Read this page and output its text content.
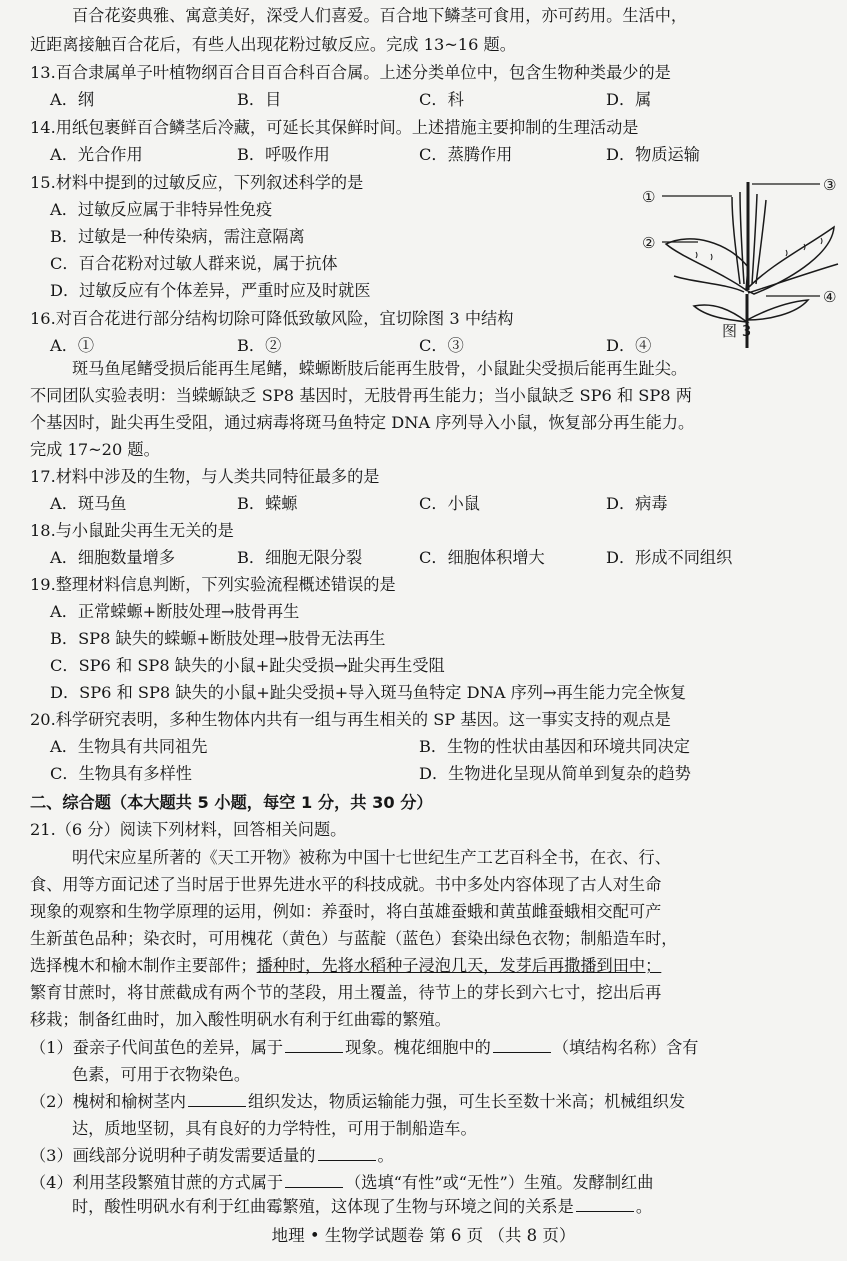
百合花姿典雅、寓意美好，深受人们喜爱。百合地下鳞茎可食用，亦可药用。生活中，
近距离接触百合花后，有些人出现花粉过敏反应。完成 13~16 题。
13.百合隶属单子叶植物纲百合目百合科百合属。上述分类单位中，包含生物种类最少的是
A．纲	B．目	C．科	D．属
14.用纸包裹鲜百合鳞茎后冷藏，可延长其保鲜时间。上述措施主要抑制的生理活动是
A．光合作用	B．呼吸作用	C．蒸腾作用	D．物质运输
15.材料中提到的过敏反应，下列叙述科学的是
A．过敏反应属于非特异性免疫
B．过敏是一种传染病，需注意隔离
C．百合花粉对过敏人群来说，属于抗体
D．过敏反应有个体差异，严重时应及时就医
16.对百合花进行部分结构切除可降低致敏风险，宜切除图 3 中结构
A．①	B．②	C．③	D．④
①
②
③
④
图 3
斑马鱼尾鳍受损后能再生尾鳍，蝾螈断肢后能再生肢骨，小鼠趾尖受损后能再生趾尖。
不同团队实验表明：当蝾螈缺乏 SP8 基因时，无肢骨再生能力；当小鼠缺乏 SP6 和 SP8 两
个基因时，趾尖再生受阻，通过病毒将斑马鱼特定 DNA 序列导入小鼠，恢复部分再生能力。
完成 17~20 题。
17.材料中涉及的生物，与人类共同特征最多的是
A．斑马鱼	B．蝾螈	C．小鼠	D．病毒
18.与小鼠趾尖再生无关的是
A．细胞数量增多	B．细胞无限分裂	C．细胞体积增大	D．形成不同组织
19.整理材料信息判断，下列实验流程概述错误的是
A．正常蝾螈+断肢处理→肢骨再生
B．SP8 缺失的蝾螈+断肢处理→肢骨无法再生
C．SP6 和 SP8 缺失的小鼠+趾尖受损→趾尖再生受阻
D．SP6 和 SP8 缺失的小鼠+趾尖受损+导入斑马鱼特定 DNA 序列→再生能力完全恢复
20.科学研究表明，多种生物体内共有一组与再生相关的 SP 基因。这一事实支持的观点是
A．生物具有共同祖先	B．生物的性状由基因和环境共同决定
C．生物具有多样性	D．生物进化呈现从简单到复杂的趋势
二、综合题（本大题共 5 小题，每空 1 分，共 30 分）
21.（6 分）阅读下列材料，回答相关问题。
明代宋应星所著的《天工开物》被称为中国十七世纪生产工艺百科全书，在衣、行、
食、用等方面记述了当时居于世界先进水平的科技成就。书中多处内容体现了古人对生命
现象的观察和生物学原理的运用，例如：养蚕时，将白茧雄蚕蛾和黄茧雌蚕蛾相交配可产
生新茧色品种；染衣时，可用槐花（黄色）与蓝靛（蓝色）套染出绿色衣物；制船造车时，
选择槐木和榆木制作主要部件；播种时，先将水稻种子浸泡几天，发芽后再撒播到田中；
繁育甘蔗时，将甘蔗截成有两个节的茎段，用土覆盖，待节上的芽长到六七寸，挖出后再
移栽；制备红曲时，加入酸性明矾水有利于红曲霉的繁殖。
（1）蚕亲子代间茧色的差异，属于	现象。槐花细胞中的	（填结构名称）含有
色素，可用于衣物染色。
（2）槐树和榆树茎内	组织发达，物质运输能力强，可生长至数十米高；机械组织发
达，质地坚韧，具有良好的力学特性，可用于制船造车。
（3）画线部分说明种子萌发需要适量的	。
（4）利用茎段繁殖甘蔗的方式属于	（选填“有性”或“无性”）生殖。发酵制红曲
时，酸性明矾水有利于红曲霉繁殖，这体现了生物与环境之间的关系是	。
地理 • 生物学试题卷 第 6 页 （共 8 页）
